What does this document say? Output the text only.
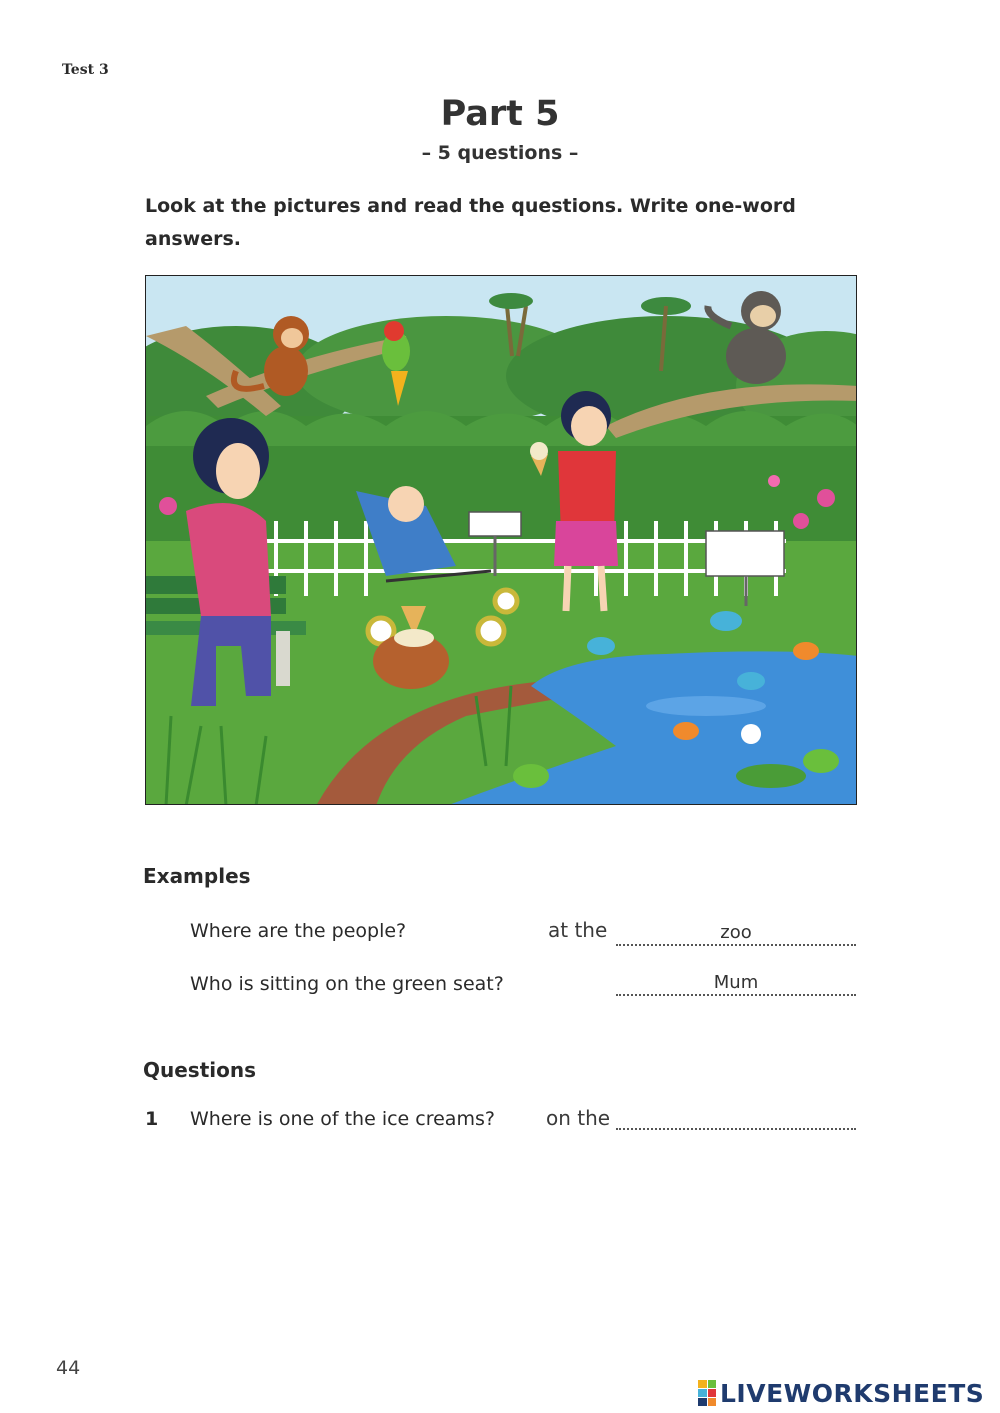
Test 3
Part 5
– 5 questions –
Look at the pictures and read the questions. Write one-word answers.
Examples
Where are the people?	at the	zoo
Who is sitting on the green seat?	Mum
Questions
1 Where is one of the ice creams?	on the
44
LIVEWORKSHEETS
